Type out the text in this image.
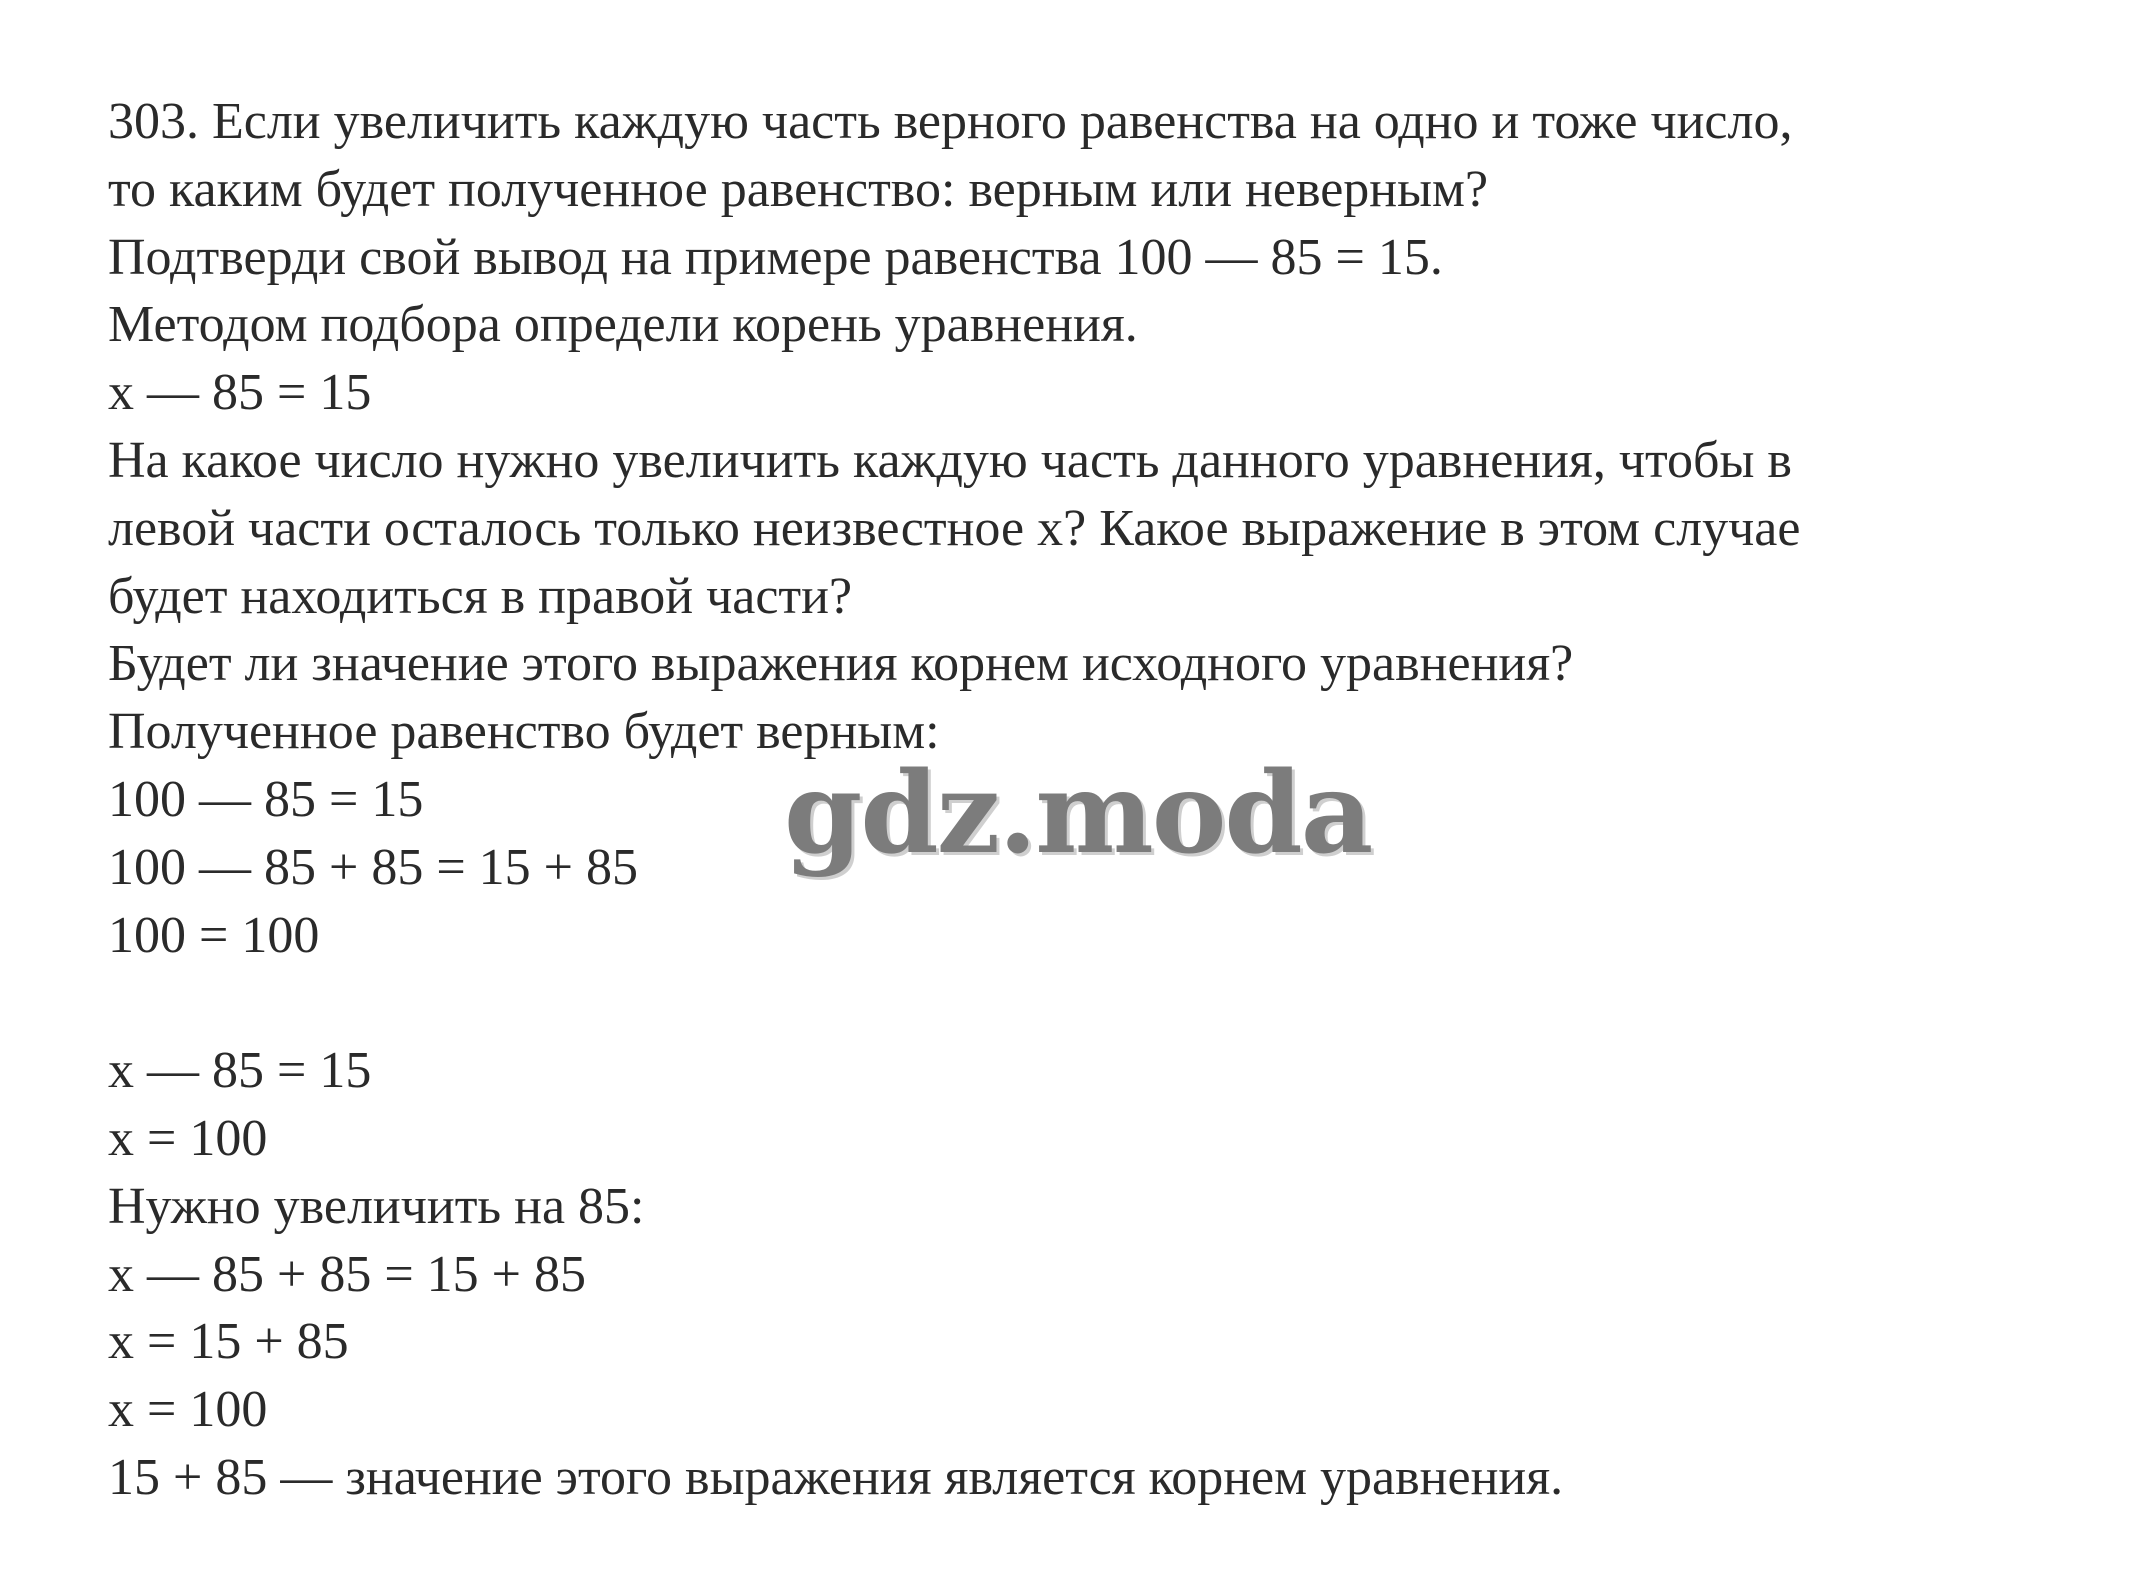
303. Если увеличить каждую часть верного равенства на одно и тоже число,
то каким будет полученное равенство: верным или неверным?
Подтверди свой вывод на примере равенства 100 — 85 = 15.
Методом подбора определи корень уравнения.
x — 85 = 15
На какое число нужно увеличить каждую часть данного уравнения, чтобы в
левой части осталось только неизвестное x? Какое выражение в этом случае
будет находиться в правой части?
Будет ли значение этого выражения корнем исходного уравнения?
Полученное равенство будет верным:
100 — 85 = 15
100 — 85 + 85 = 15 + 85
100 = 100
x — 85 = 15
x = 100
Нужно увеличить на 85:
x — 85 + 85 = 15 + 85
x = 15 + 85
x = 100
15 + 85 — значение этого выражения является корнем уравнения.
gdz.moda
